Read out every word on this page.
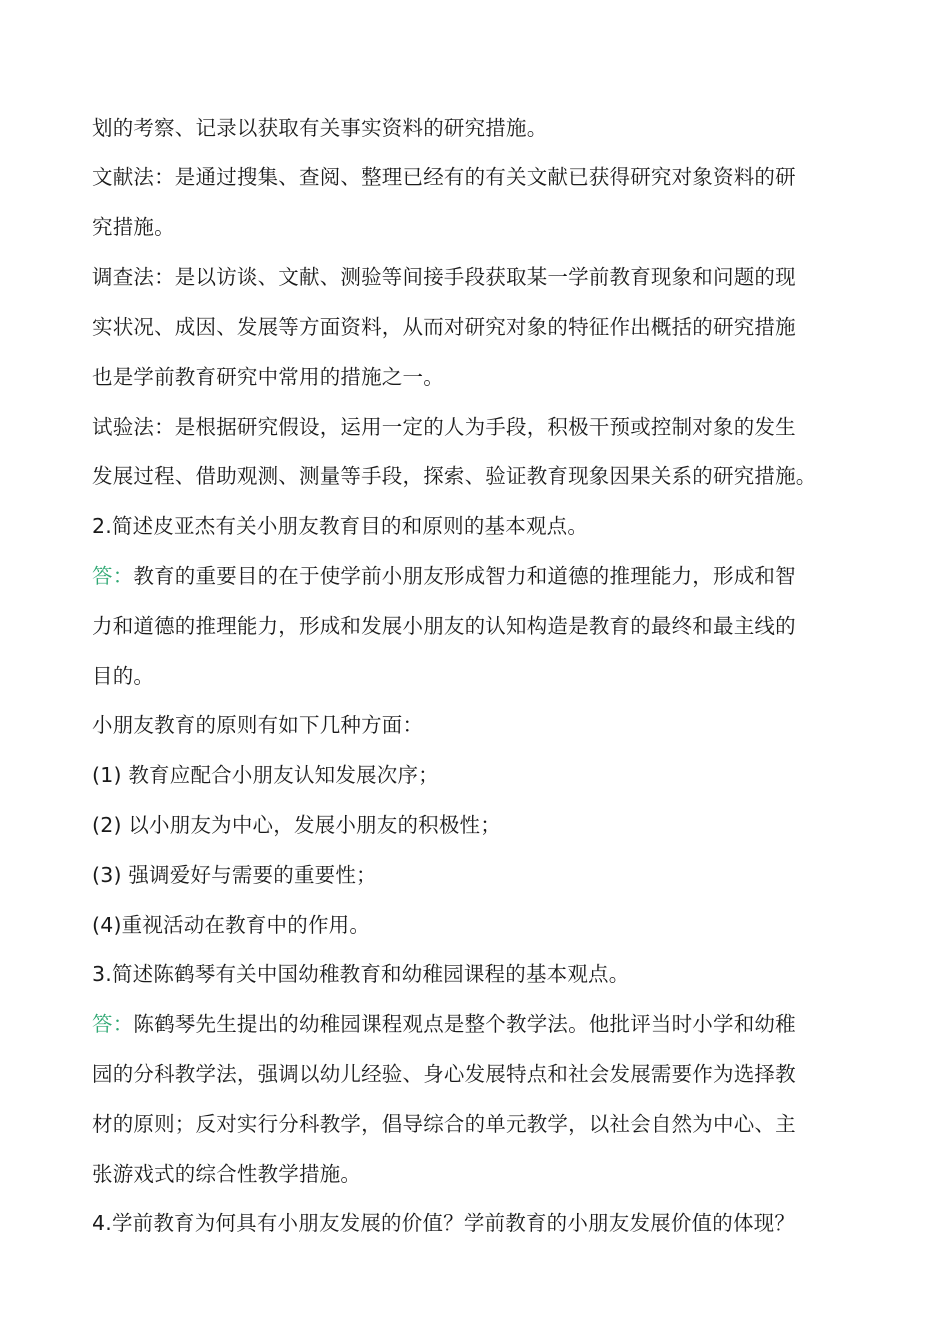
划的考察、记录以获取有关事实资料的研究措施。
文献法：是通过搜集、查阅、整理已经有的有关文献已获得研究对象资料的研
究措施。
调查法：是以访谈、文献、测验等间接手段获取某一学前教育现象和问题的现
实状况、成因、发展等方面资料，从而对研究对象的特征作出概括的研究措施
也是学前教育研究中常用的措施之一。
试验法：是根据研究假设，运用一定的人为手段，积极干预或控制对象的发生
发展过程、借助观测、测量等手段，探索、验证教育现象因果关系的研究措施。
2.简述皮亚杰有关小朋友教育目的和原则的基本观点。
答：教育的重要目的在于使学前小朋友形成智力和道德的推理能力，形成和智
力和道德的推理能力，形成和发展小朋友的认知构造是教育的最终和最主线的
目的。
小朋友教育的原则有如下几种方面：
(1) 教育应配合小朋友认知发展次序；
(2) 以小朋友为中心，发展小朋友的积极性；
(3) 强调爱好与需要的重要性；
(4)重视活动在教育中的作用。
3.简述陈鹤琴有关中国幼稚教育和幼稚园课程的基本观点。
答：陈鹤琴先生提出的幼稚园课程观点是整个教学法。他批评当时小学和幼稚
园的分科教学法，强调以幼儿经验、身心发展特点和社会发展需要作为选择教
材的原则；反对实行分科教学，倡导综合的单元教学，以社会自然为中心、主
张游戏式的综合性教学措施。
4.学前教育为何具有小朋友发展的价值？学前教育的小朋友发展价值的体现？
